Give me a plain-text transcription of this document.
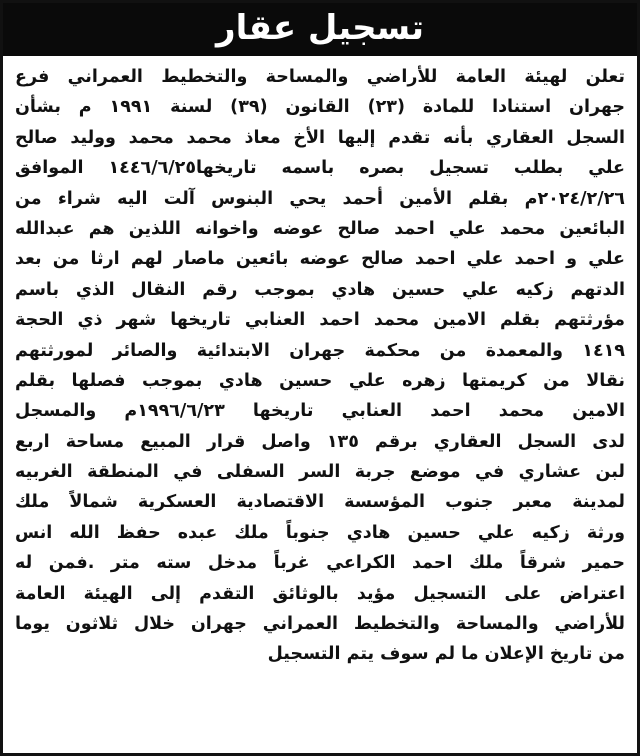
تسجيل عقار
تعلن لهيئة العامة للأراضي والمساحة والتخطيط العمراني فرع
جهران استنادا للمادة (٢٣) القانون (٣٩) لسنة ١٩٩١ م بشأن
السجل العقاري بأنه تقدم إليها الأخ معاذ محمد محمد ووليد صالح
علي بطلب تسجيل بصره باسمه تاريخها١٤٤٦/٦/٢٥ الموافق
٢٠٢٤/٢/٢٦م بقلم الأمين أحمد يحي البنوس آلت اليه شراء من
البائعين محمد علي احمد صالح عوضه واخوانه اللذين هم عبدالله
علي و احمد علي احمد صالح عوضه بائعين ماصار لهم ارثا من بعد
الدتهم زكيه علي حسين هادي بموجب رقم النقال الذي باسم
مؤرثتهم بقلم الامين محمد احمد العنابي تاريخها شهر ذي الحجة
١٤١٩ والمعمدة من محكمة جهران الابتدائية والصائر لمورثتهم
نقالا من كريمتها زهره علي حسين هادي بموجب فصلها بقلم
الامين محمد احمد العنابي تاريخها ١٩٩٦/٦/٢٣م والمسجل
لدى السجل العقاري برقم ١٣٥ واصل قرار المبيع مساحة اربع
لبن عشاري في موضع جربة السر السفلى في المنطقة الغربيه
لمدينة معبر جنوب المؤسسة الاقتصادية العسكرية شمالاً ملك
ورثة زكيه علي حسين هادي جنوباً ملك عبده حفظ الله انس
حمير شرقاً ملك احمد الكراعي غرباً مدخل سته متر .فمن له
اعتراض على التسجيل مؤيد بالوثائق التقدم إلى الهيئة العامة
للأراضي والمساحة والتخطيط العمراني جهران خلال ثلاثون يوما
من تاريخ الإعلان ما لم سوف يتم التسجيل
